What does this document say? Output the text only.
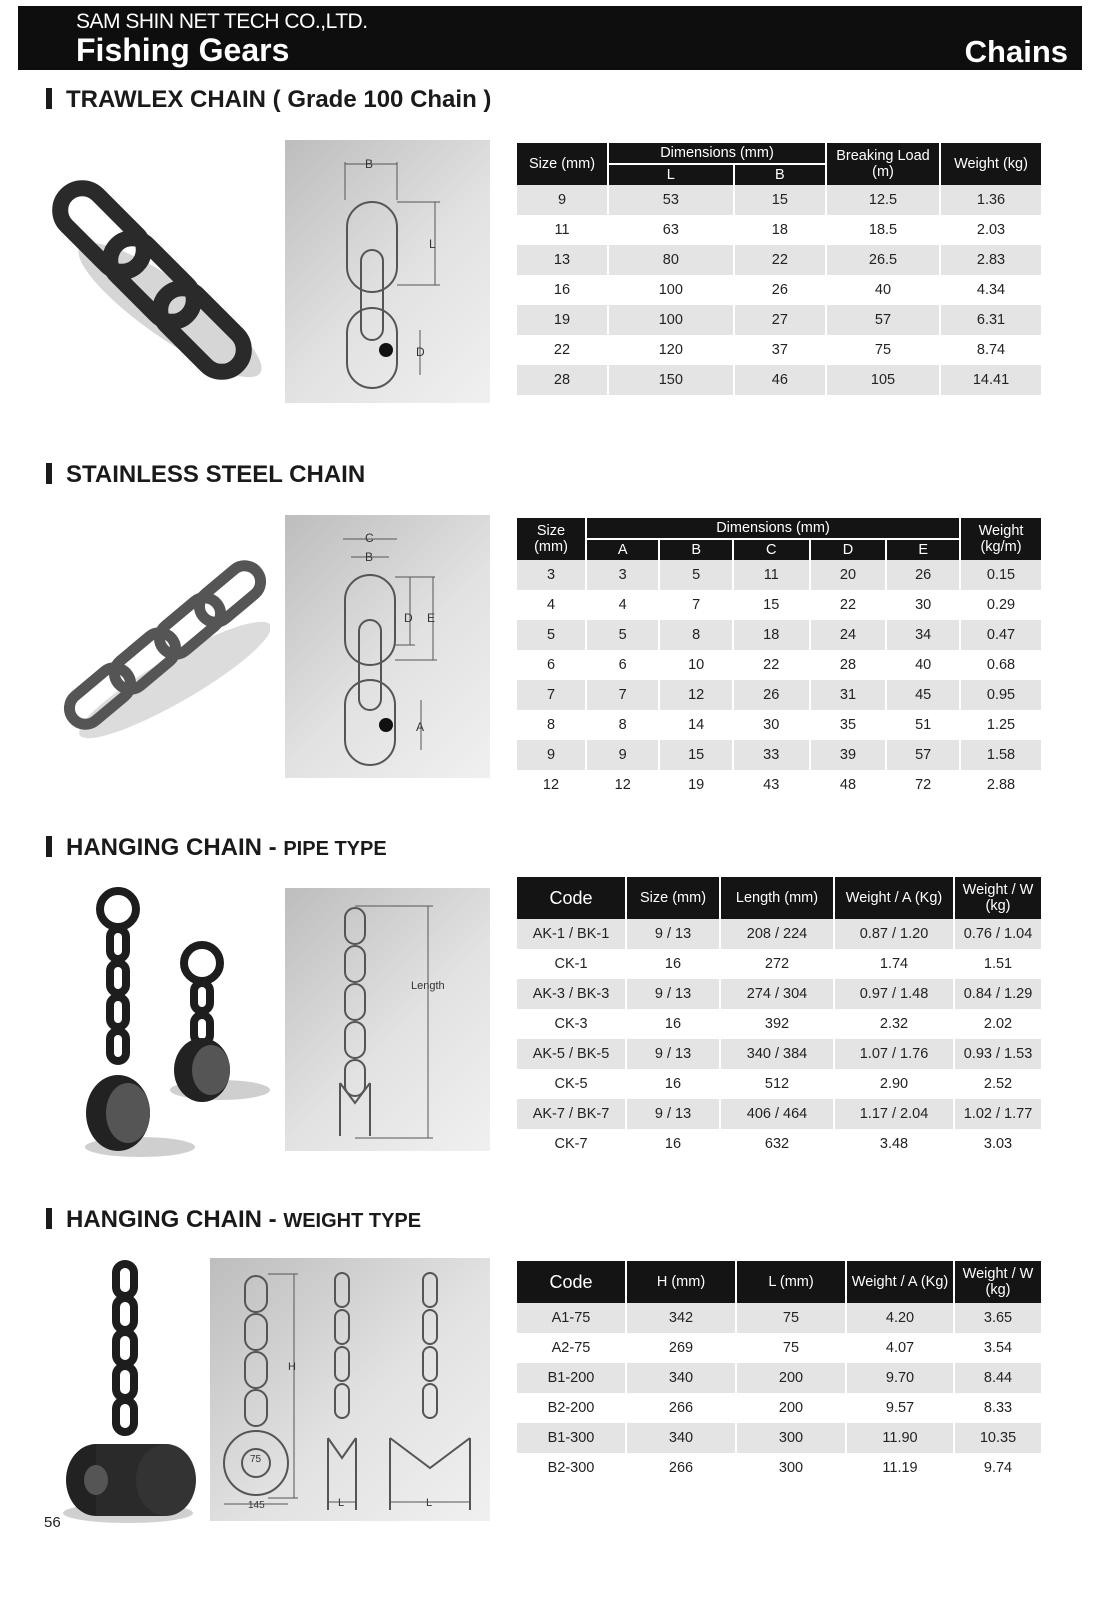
SAM SHIN NET TECH CO.,LTD.
Fishing Gears	Chains
TRAWLEX CHAIN ( Grade 100 Chain )
B
L
D
Size (mm)	Dimensions (mm)		Breaking Load (m)	Weight (kg)
	L	B		
9	53	15	12.5	1.36
11	63	18	18.5	2.03
13	80	22	26.5	2.83
16	100	26	40	4.34
19	100	27	57	6.31
22	120	37	75	8.74
28	150	46	105	14.41
STAINLESS STEEL CHAIN
C
B
D E
A
Size (mm)	Dimensions (mm)					Weight (kg/m)
	A	B	C	D	E	
3	3	5	11	20	26	0.15
4	4	7	15	22	30	0.29
5	5	8	18	24	34	0.47
6	6	10	22	28	40	0.68
7	7	12	26	31	45	0.95
8	8	14	30	35	51	1.25
9	9	15	33	39	57	1.58
12	12	19	43	48	72	2.88
HANGING CHAIN - PIPE TYPE
Length
Code	Size (mm)	Length (mm)	Weight / A (Kg)	Weight / W (kg)
AK-1 / BK-1	9 / 13	208 / 224	0.87 / 1.20	0.76 / 1.04
CK-1	16	272	1.74	1.51
AK-3 / BK-3	9 / 13	274 / 304	0.97 / 1.48	0.84 / 1.29
CK-3	16	392	2.32	2.02
AK-5 / BK-5	9 / 13	340 / 384	1.07 / 1.76	0.93 / 1.53
CK-5	16	512	2.90	2.52
AK-7 / BK-7	9 / 13	406 / 464	1.17 / 2.04	1.02 / 1.77
CK-7	16	632	3.48	3.03
HANGING CHAIN - WEIGHT TYPE
H
75
145	L	L
Code	H (mm)	L (mm)	Weight / A (Kg)	Weight / W (kg)
A1-75	342	75	4.20	3.65
A2-75	269	75	4.07	3.54
B1-200	340	200	9.70	8.44
B2-200	266	200	9.57	8.33
B1-300	340	300	11.90	10.35
B2-300	266	300	11.19	9.74
56
